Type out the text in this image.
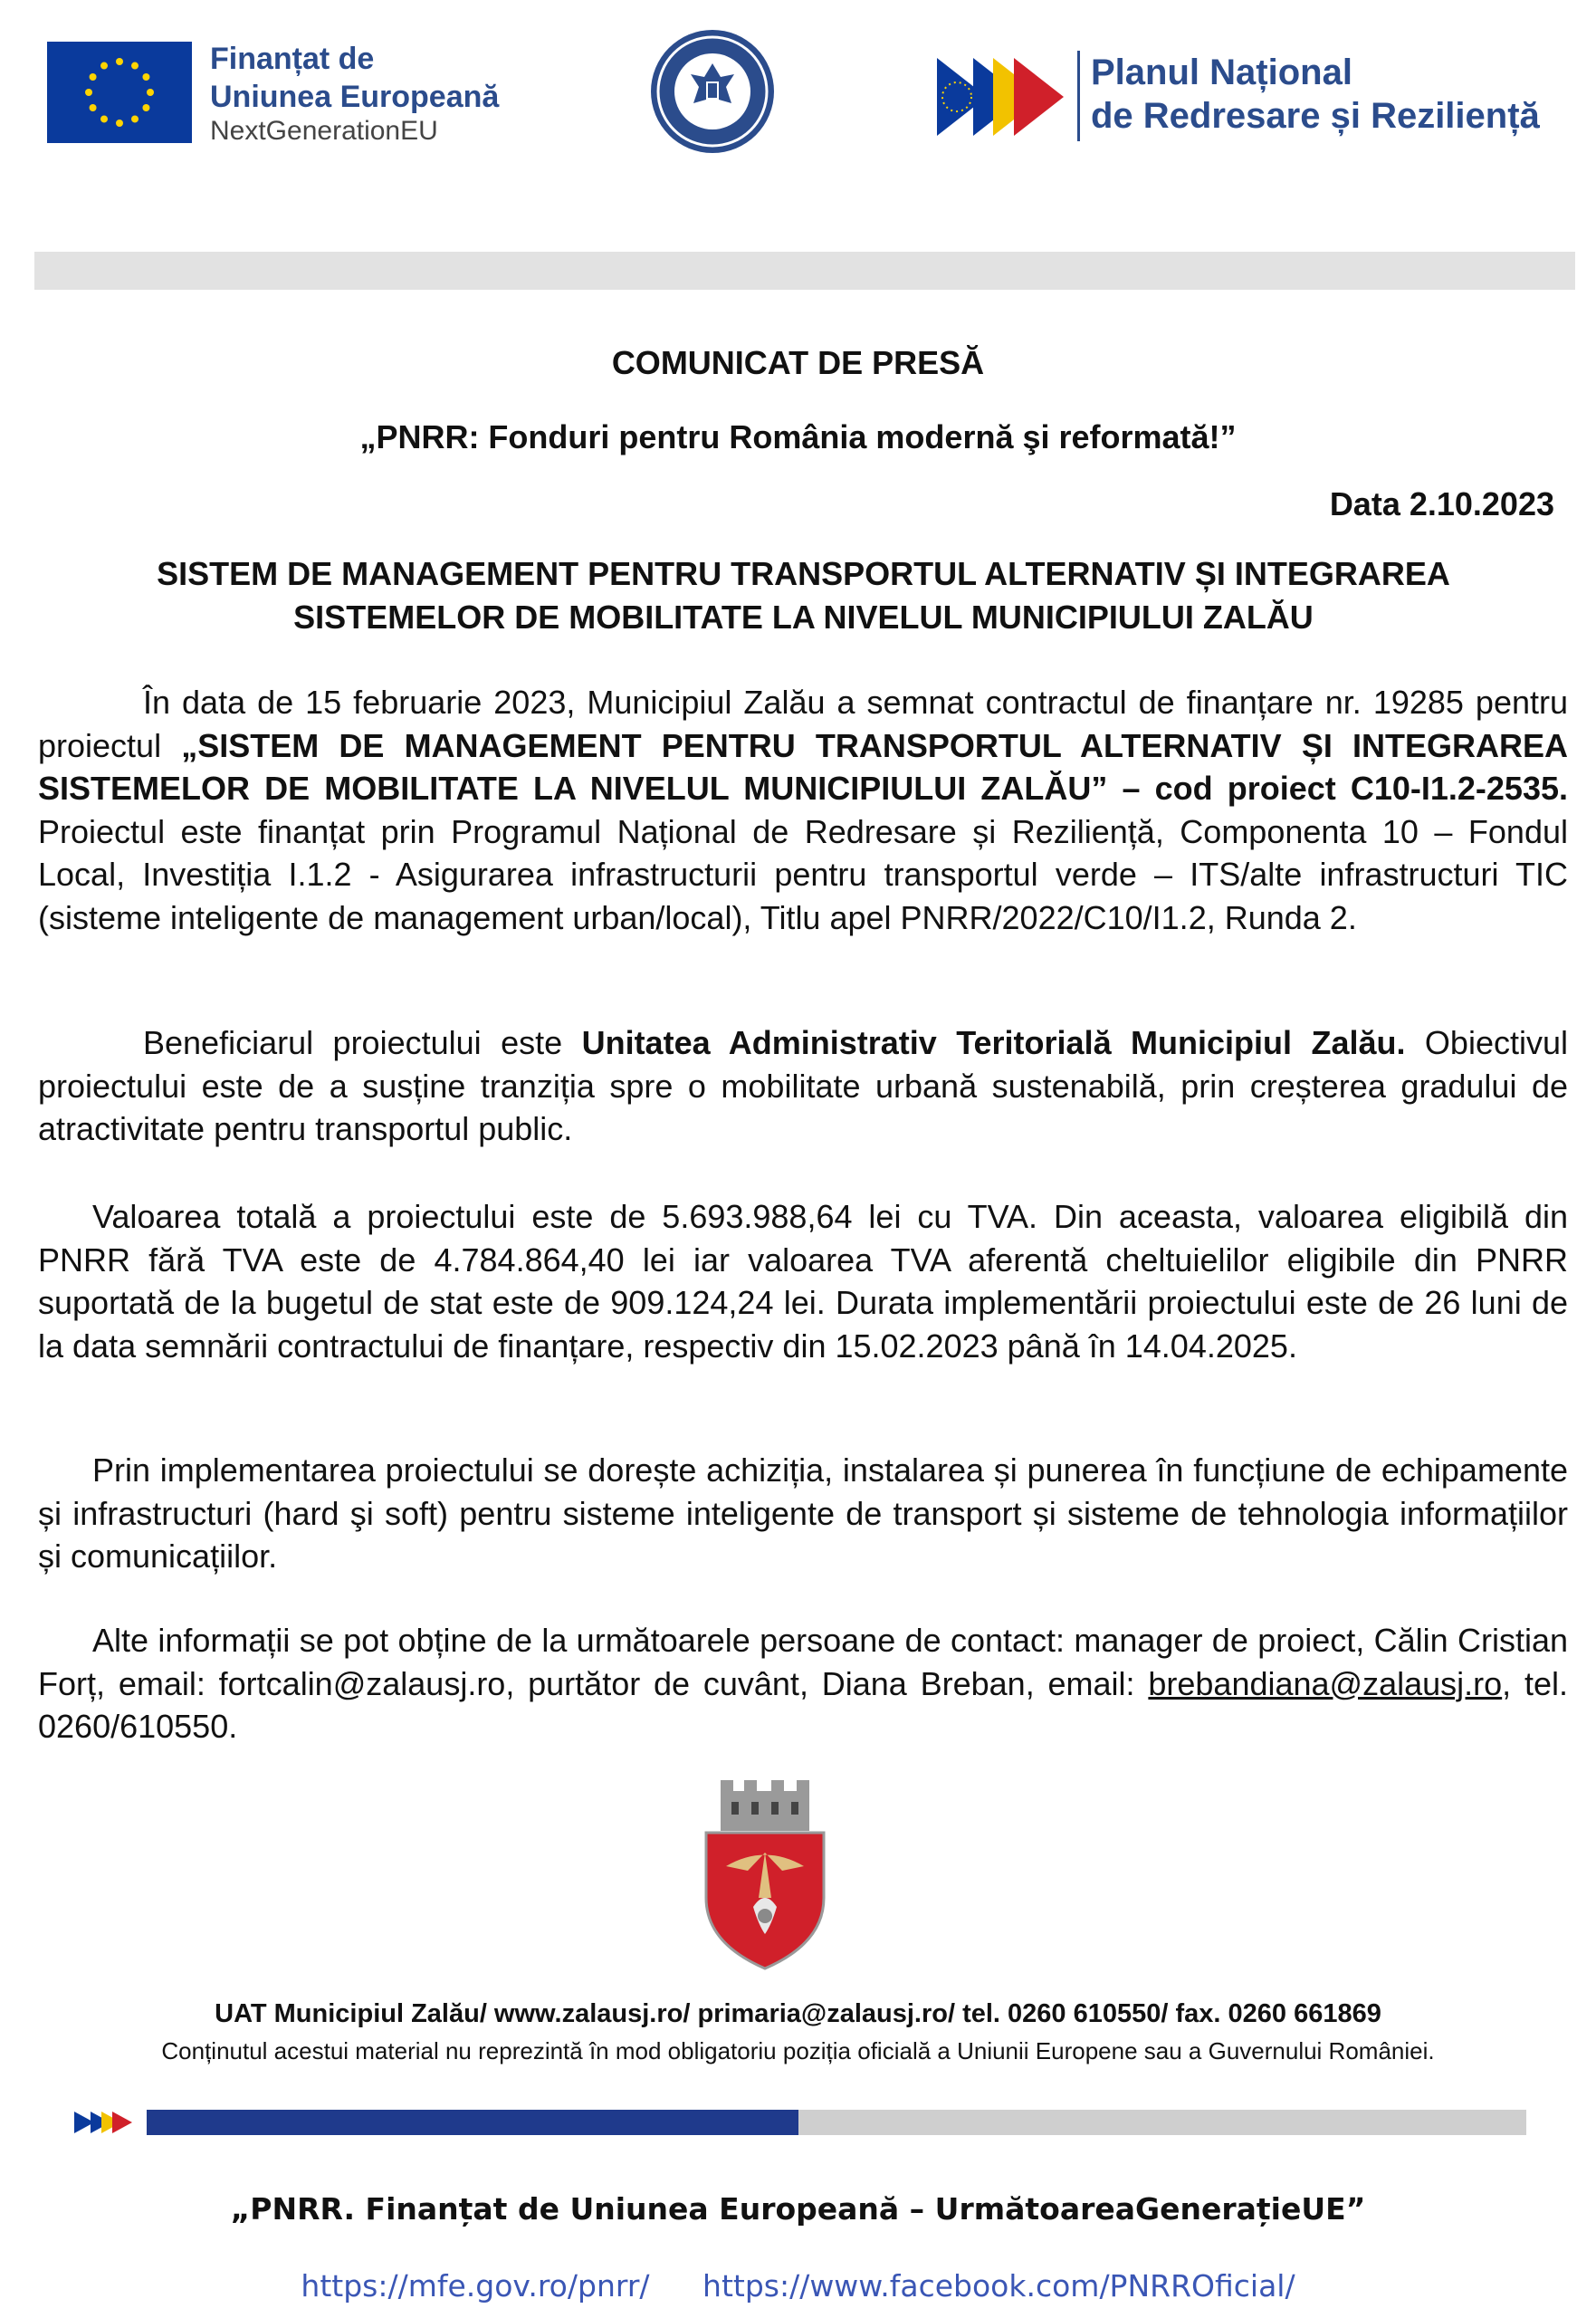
Finanțat de
Uniunea Europeană
NextGenerationEU
Planul Național
de Redresare și Reziliență
COMUNICAT DE PRESĂ
„PNRR: Fonduri pentru România modernă şi reformată!”
Data 2.10.2023
SISTEM DE MANAGEMENT PENTRU TRANSPORTUL ALTERNATIV ȘI INTEGRAREA
SISTEMELOR DE MOBILITATE LA NIVELUL MUNICIPIULUI ZALĂU

În data de 15 februarie 2023, Municipiul Zalău a semnat contractul de finanțare nr. 19285 pentru proiectul „SISTEM DE MANAGEMENT PENTRU TRANSPORTUL ALTERNATIV ȘI INTEGRAREA SISTEMELOR DE MOBILITATE LA NIVELUL MUNICIPIULUI ZALĂU” – cod proiect C10-I1.2-2535. Proiectul este finanțat prin Programul Național de Redresare și Reziliență, Componenta 10 – Fondul Local, Investiția I.1.2 - Asigurarea infrastructurii pentru transportul verde – ITS/alte infrastructuri TIC (sisteme inteligente de management urban/local), Titlu apel PNRR/2022/C10/I1.2, Runda 2.

Beneficiarul proiectului este Unitatea Administrativ Teritorială Municipiul Zalău. Obiectivul proiectului este de a susține tranziția spre o mobilitate urbană sustenabilă, prin creșterea gradului de atractivitate pentru transportul public.

Valoarea totală a proiectului este de 5.693.988,64 lei cu TVA. Din aceasta, valoarea eligibilă din PNRR fără TVA este de 4.784.864,40 lei iar valoarea TVA aferentă cheltuielilor eligibile din PNRR suportată de la bugetul de stat este de 909.124,24 lei. Durata implementării proiectului este de 26 luni de la data semnării contractului de finanțare, respectiv din 15.02.2023 până în 14.04.2025.

Prin implementarea proiectului se dorește achiziția, instalarea și punerea în funcțiune de echipamente și infrastructuri (hard şi soft) pentru sisteme inteligente de transport și sisteme de tehnologia informațiilor și comunicațiilor.

Alte informații se pot obține de la următoarele persoane de contact: manager de proiect, Călin Cristian Forț, email: fortcalin@zalausj.ro, purtător de cuvânt, Diana Breban, email: brebandiana@zalausj.ro, tel. 0260/610550.

UAT Municipiul Zalău/ www.zalausj.ro/ primaria@zalausj.ro/ tel. 0260 610550/ fax. 0260 661869
Conținutul acestui material nu reprezintă în mod obligatoriu poziția oficială a Uniunii Europene sau a Guvernului României.
„PNRR. Finanțat de Uniunea Europeană – UrmătoareaGenerațieUE”
https://mfe.gov.ro/pnrr/ https://www.facebook.com/PNRROficial/
